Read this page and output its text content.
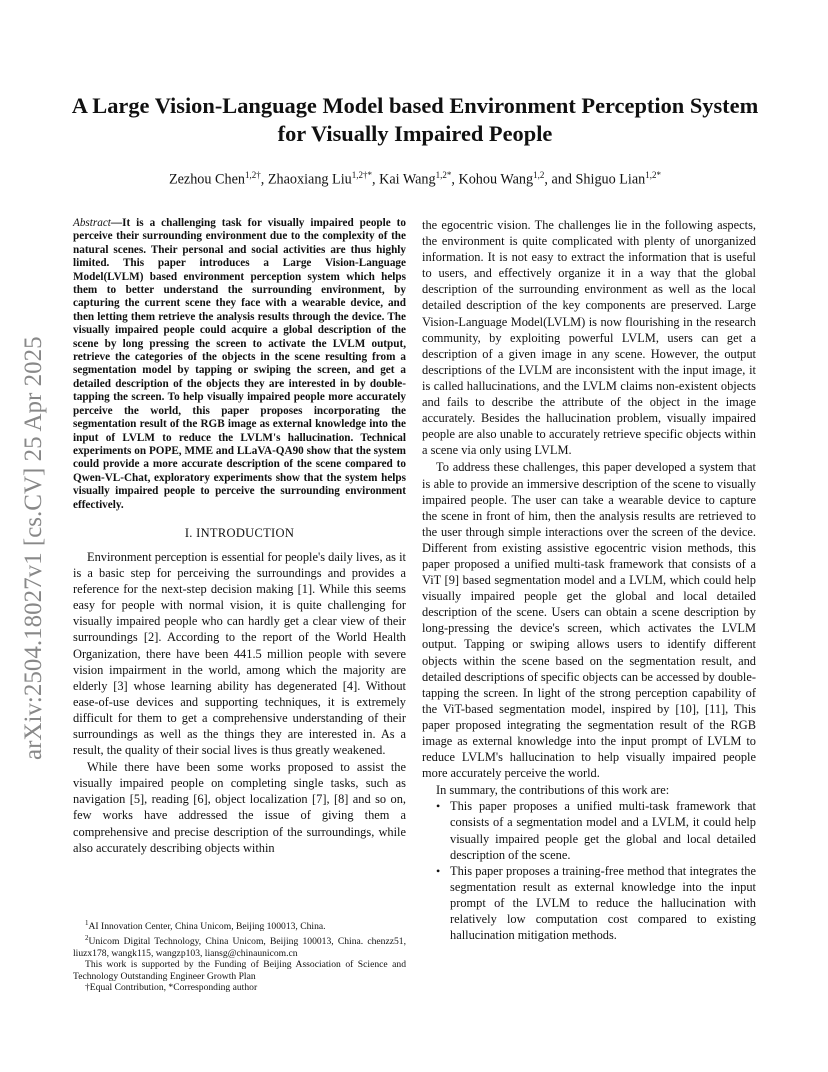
arXiv:2504.18027v1 [cs.CV] 25 Apr 2025
A Large Vision-Language Model based Environment Perception System
for Visually Impaired People
Zezhou Chen$^{1,2\dagger}$, Zhaoxiang Liu$^{1,2\dagger*}$, Kai Wang$^{1,2*}$, Kohou Wang$^{1,2}$, and Shiguo Lian$^{1,2*}$

Abstract—It is a challenging task for visually impaired people to perceive their surrounding environment due to the complexity of the natural scenes. Their personal and social activities are thus highly limited. This paper introduces a Large Vision-Language Model(LVLM) based environment perception system which helps them to better understand the surrounding environment, by capturing the current scene they face with a wearable device, and then letting them retrieve the analysis results through the device. The visually impaired people could acquire a global description of the scene by long pressing the screen to activate the LVLM output, retrieve the categories of the objects in the scene resulting from a segmentation model by tapping or swiping the screen, and get a detailed description of the objects they are interested in by double-tapping the screen. To help visually impaired people more accurately perceive the world, this paper proposes incorporating the segmentation result of the RGB image as external knowledge into the input of LVLM to reduce the LVLM's hallucination. Technical experiments on POPE, MME and LLaVA-QA90 show that the system could provide a more accurate description of the scene compared to Qwen-VL-Chat, exploratory experiments show that the system helps visually impaired people to perceive the surrounding environment effectively.

I. INTRODUCTION

Environment perception is essential for people's daily lives, as it is a basic step for perceiving the surroundings and provides a reference for the next-step decision making [1]. While this seems easy for people with normal vision, it is quite challenging for visually impaired people who can hardly get a clear view of their surroundings [2]. According to the report of the World Health Organization, there have been 441.5 million people with severe vision impairment in the world, among which the majority are elderly [3] whose learning ability has degenerated [4]. Without ease-of-use devices and supporting techniques, it is extremely difficult for them to get a comprehensive understanding of their surroundings as well as the things they are interested in. As a result, the quality of their social lives is thus greatly weakened.

While there have been some works proposed to assist the visually impaired people on completing single tasks, such as navigation [5], reading [6], object localization [7], [8] and so on, few works have addressed the issue of giving them a comprehensive and precise description of the surroundings, while also accurately describing objects within

the egocentric vision. The challenges lie in the following aspects, the environment is quite complicated with plenty of unorganized information. It is not easy to extract the information that is useful to users, and effectively organize it in a way that the global description of the surrounding environment as well as the local detailed description of the key components are preserved. Large Vision-Language Model(LVLM) is now flourishing in the research community, by exploiting powerful LVLM, users can get a description of a given image in any scene. However, the output descriptions of the LVLM are inconsistent with the input image, it is called hallucinations, and the LVLM claims non-existent objects and fails to describe the attribute of the object in the image accurately. Besides the hallucination problem, visually impaired people are also unable to accurately retrieve specific objects within a scene via only using LVLM.

To address these challenges, this paper developed a system that is able to provide an immersive description of the scene to visually impaired people. The user can take a wearable device to capture the scene in front of him, then the analysis results are retrieved to the user through simple interactions over the screen of the device. Different from existing assistive egocentric vision methods, this paper proposed a unified multi-task framework that consists of a ViT [9] based segmentation model and a LVLM, which could help visually impaired people get the global and local detailed description of the scene. Users can obtain a scene description by long-pressing the device's screen, which activates the LVLM output. Tapping or swiping allows users to identify different objects within the scene based on the segmentation result, and detailed descriptions of specific objects can be accessed by double-tapping the screen. In light of the strong perception capability of the ViT-based segmentation model, inspired by [10], [11], This paper proposed integrating the segmentation result of the RGB image as external knowledge into the input prompt of LVLM to reduce LVLM's hallucination to help visually impaired people more accurately perceive the world.

In summary, the contributions of this work are:

• This paper proposes a unified multi-task framework that consists of a segmentation model and a LVLM, it could help visually impaired people get the global and local detailed description of the scene.
• This paper proposes a training-free method that integrates the segmentation result as external knowledge into the input prompt of the LVLM to reduce the hallucination with relatively low computation cost compared to existing hallucination mitigation methods.

$^1$AI Innovation Center, China Unicom, Beijing 100013, China.

$^2$Unicom Digital Technology, China Unicom, Beijing 100013, China. chenzz51, liuzx178, wangk115, wangzp103, liansg@chinaunicom.cn

This work is supported by the Funding of Beijing Association of Science and Technology Outstanding Engineer Growth Plan

†Equal Contribution, *Corresponding author
